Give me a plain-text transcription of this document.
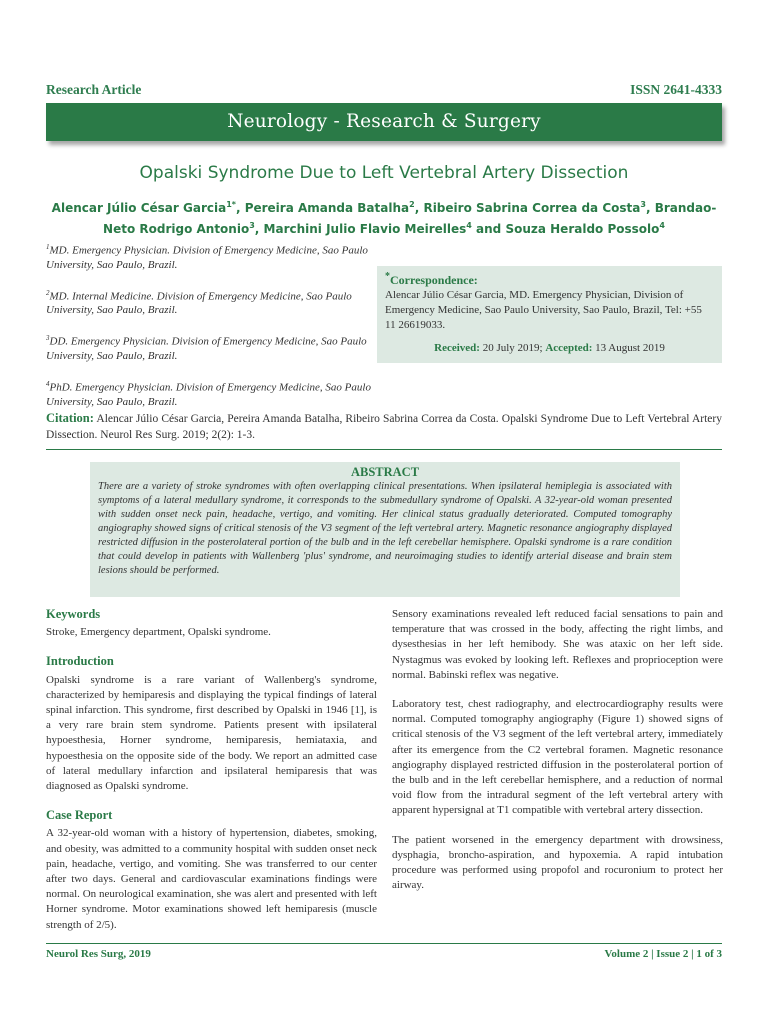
Research Article	ISSN 2641-4333
Neurology - Research & Surgery
Opalski Syndrome Due to Left Vertebral Artery Dissection
Alencar Júlio César Garcia$^{1*}$, Pereira Amanda Batalha$^2$, Ribeiro Sabrina Correa da Costa$^3$, Brandao-Neto Rodrigo Antonio$^3$, Marchini Julio Flavio Meirelles$^4$ and Souza Heraldo Possolo$^4$
$^1$MD. Emergency Physician. Division of Emergency Medicine, Sao Paulo University, Sao Paulo, Brazil.
$^2$MD. Internal Medicine. Division of Emergency Medicine, Sao Paulo University, Sao Paulo, Brazil.
$^3$DD. Emergency Physician. Division of Emergency Medicine, Sao Paulo University, Sao Paulo, Brazil.
$^4$PhD. Emergency Physician. Division of Emergency Medicine, Sao Paulo University, Sao Paulo, Brazil.
*Correspondence:
Alencar Júlio César Garcia, MD. Emergency Physician, Division of Emergency Medicine, Sao Paulo University, Sao Paulo, Brazil, Tel: +55 11 26619033.
Received: 20 July 2019; Accepted: 13 August 2019
Citation: Alencar Júlio César Garcia, Pereira Amanda Batalha, Ribeiro Sabrina Correa da Costa. Opalski Syndrome Due to Left Vertebral Artery Dissection. Neurol Res Surg. 2019; 2(2): 1-3.
ABSTRACT
There are a variety of stroke syndromes with often overlapping clinical presentations. When ipsilateral hemiplegia is associated with symptoms of a lateral medullary syndrome, it corresponds to the submedullary syndrome of Opalski. A 32-year-old woman presented with sudden onset neck pain, headache, vertigo, and vomiting. Her clinical status gradually deteriorated. Computed tomography angiography showed signs of critical stenosis of the V3 segment of the left vertebral artery. Magnetic resonance angiography displayed restricted diffusion in the posterolateral portion of the bulb and in the left cerebellar hemisphere. Opalski syndrome is a rare condition that could develop in patients with Wallenberg 'plus' syndrome, and neuroimaging studies to identify arterial disease and brain stem lesions should be performed.
Keywords
Stroke, Emergency department, Opalski syndrome.
Introduction
Opalski syndrome is a rare variant of Wallenberg's syndrome, characterized by hemiparesis and displaying the typical findings of lateral spinal infarction. This syndrome, first described by Opalski in 1946 [1], is a very rare brain stem syndrome. Patients present with ipsilateral hypoesthesia, Horner syndrome, hemiparesis, hemiataxia, and hypoesthesia on the opposite side of the body. We report an admitted case of lateral medullary infarction and ipsilateral hemiparesis that was diagnosed as Opalski syndrome.
Case Report
A 32-year-old woman with a history of hypertension, diabetes, smoking, and obesity, was admitted to a community hospital with sudden onset neck pain, headache, vertigo, and vomiting. She was transferred to our center after two days. General and cardiovascular examinations findings were normal. On neurological examination, she was alert and presented with left Horner syndrome. Motor examinations showed left hemiparesis (muscle strength of 2/5).
Sensory examinations revealed left reduced facial sensations to pain and temperature that was crossed in the body, affecting the right limbs, and dysesthesias in her left hemibody. She was ataxic on her left side. Nystagmus was evoked by looking left. Reflexes and proprioception were normal. Babinski reflex was negative.
Laboratory test, chest radiography, and electrocardiography results were normal. Computed tomography angiography (Figure 1) showed signs of critical stenosis of the V3 segment of the left vertebral artery, immediately after its emergence from the C2 vertebral foramen. Magnetic resonance angiography displayed restricted diffusion in the posterolateral portion of the bulb and in the left cerebellar hemisphere, and a reduction of normal void flow from the intradural segment of the left vertebral artery with apparent hypersignal at T1 compatible with vertebral artery dissection.
The patient worsened in the emergency department with drowsiness, dysphagia, broncho-aspiration, and hypoxemia. A rapid intubation procedure was performed using propofol and rocuronium to protect her airway.
Neurol Res Surg, 2019	Volume 2 | Issue 2 | 1 of 3
